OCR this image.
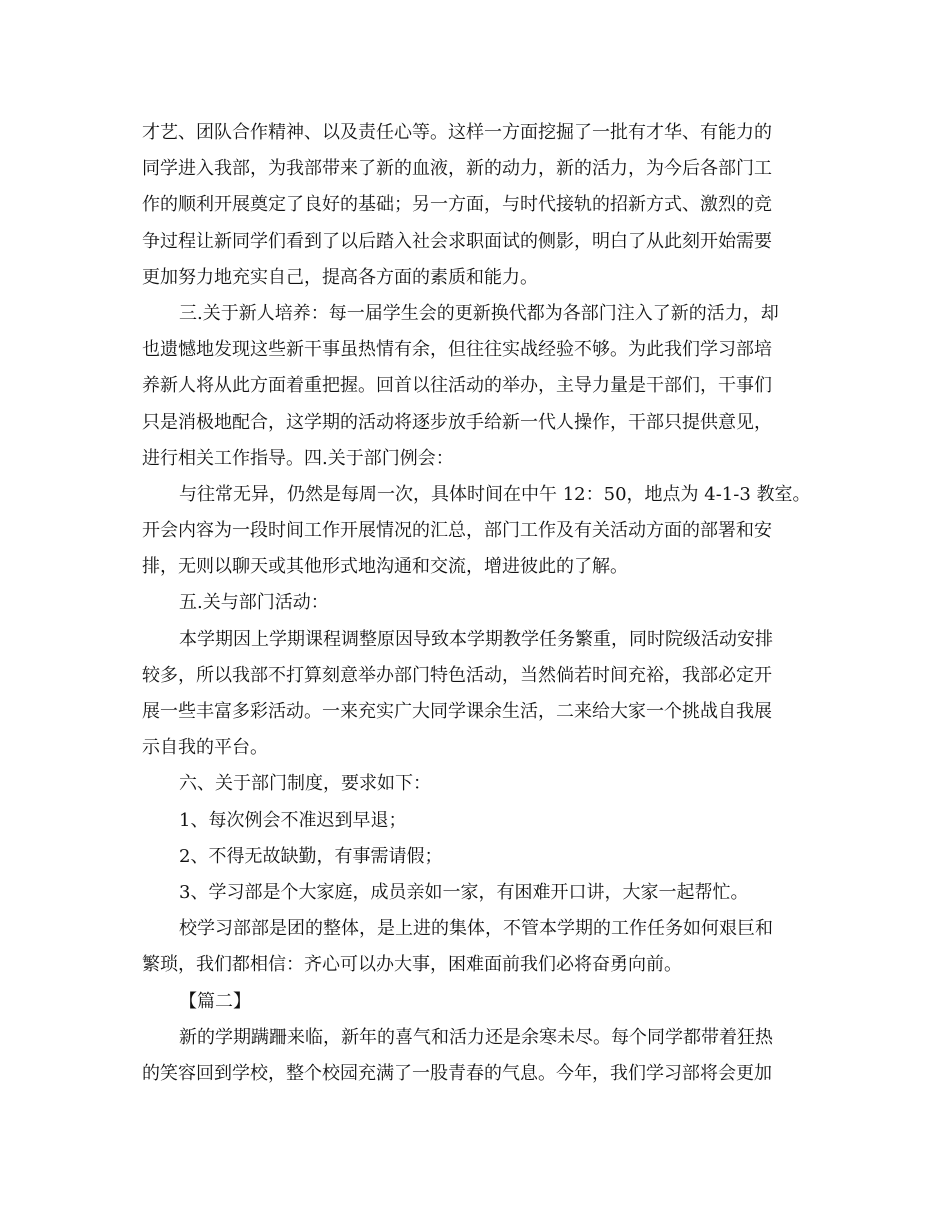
才艺、团队合作精神、以及责任心等。这样一方面挖掘了一批有才华、有能力的
同学进入我部，为我部带来了新的血液，新的动力，新的活力，为今后各部门工
作的顺利开展奠定了良好的基础；另一方面，与时代接轨的招新方式、激烈的竞
争过程让新同学们看到了以后踏入社会求职面试的侧影，明白了从此刻开始需要
更加努力地充实自己，提高各方面的素质和能力。
三.关于新人培养：每一届学生会的更新换代都为各部门注入了新的活力，却
也遗憾地发现这些新干事虽热情有余，但往往实战经验不够。为此我们学习部培
养新人将从此方面着重把握。回首以往活动的举办，主导力量是干部们，干事们
只是消极地配合，这学期的活动将逐步放手给新一代人操作，干部只提供意见，
进行相关工作指导。四.关于部门例会：
与往常无异，仍然是每周一次，具体时间在中午 12：50，地点为 4-1-3 教室。
开会内容为一段时间工作开展情况的汇总，部门工作及有关活动方面的部署和安
排，无则以聊天或其他形式地沟通和交流，增进彼此的了解。
五.关与部门活动：
本学期因上学期课程调整原因导致本学期教学任务繁重，同时院级活动安排
较多，所以我部不打算刻意举办部门特色活动，当然倘若时间充裕，我部必定开
展一些丰富多彩活动。一来充实广大同学课余生活，二来给大家一个挑战自我展
示自我的平台。
六、关于部门制度，要求如下：
1、每次例会不准迟到早退；
2、不得无故缺勤，有事需请假；
3、学习部是个大家庭，成员亲如一家，有困难开口讲，大家一起帮忙。
校学习部部是团的整体，是上进的集体，不管本学期的工作任务如何艰巨和
繁琐，我们都相信：齐心可以办大事，困难面前我们必将奋勇向前。
【篇二】
新的学期蹒跚来临，新年的喜气和活力还是余寒未尽。每个同学都带着狂热
的笑容回到学校，整个校园充满了一股青春的气息。今年，我们学习部将会更加
